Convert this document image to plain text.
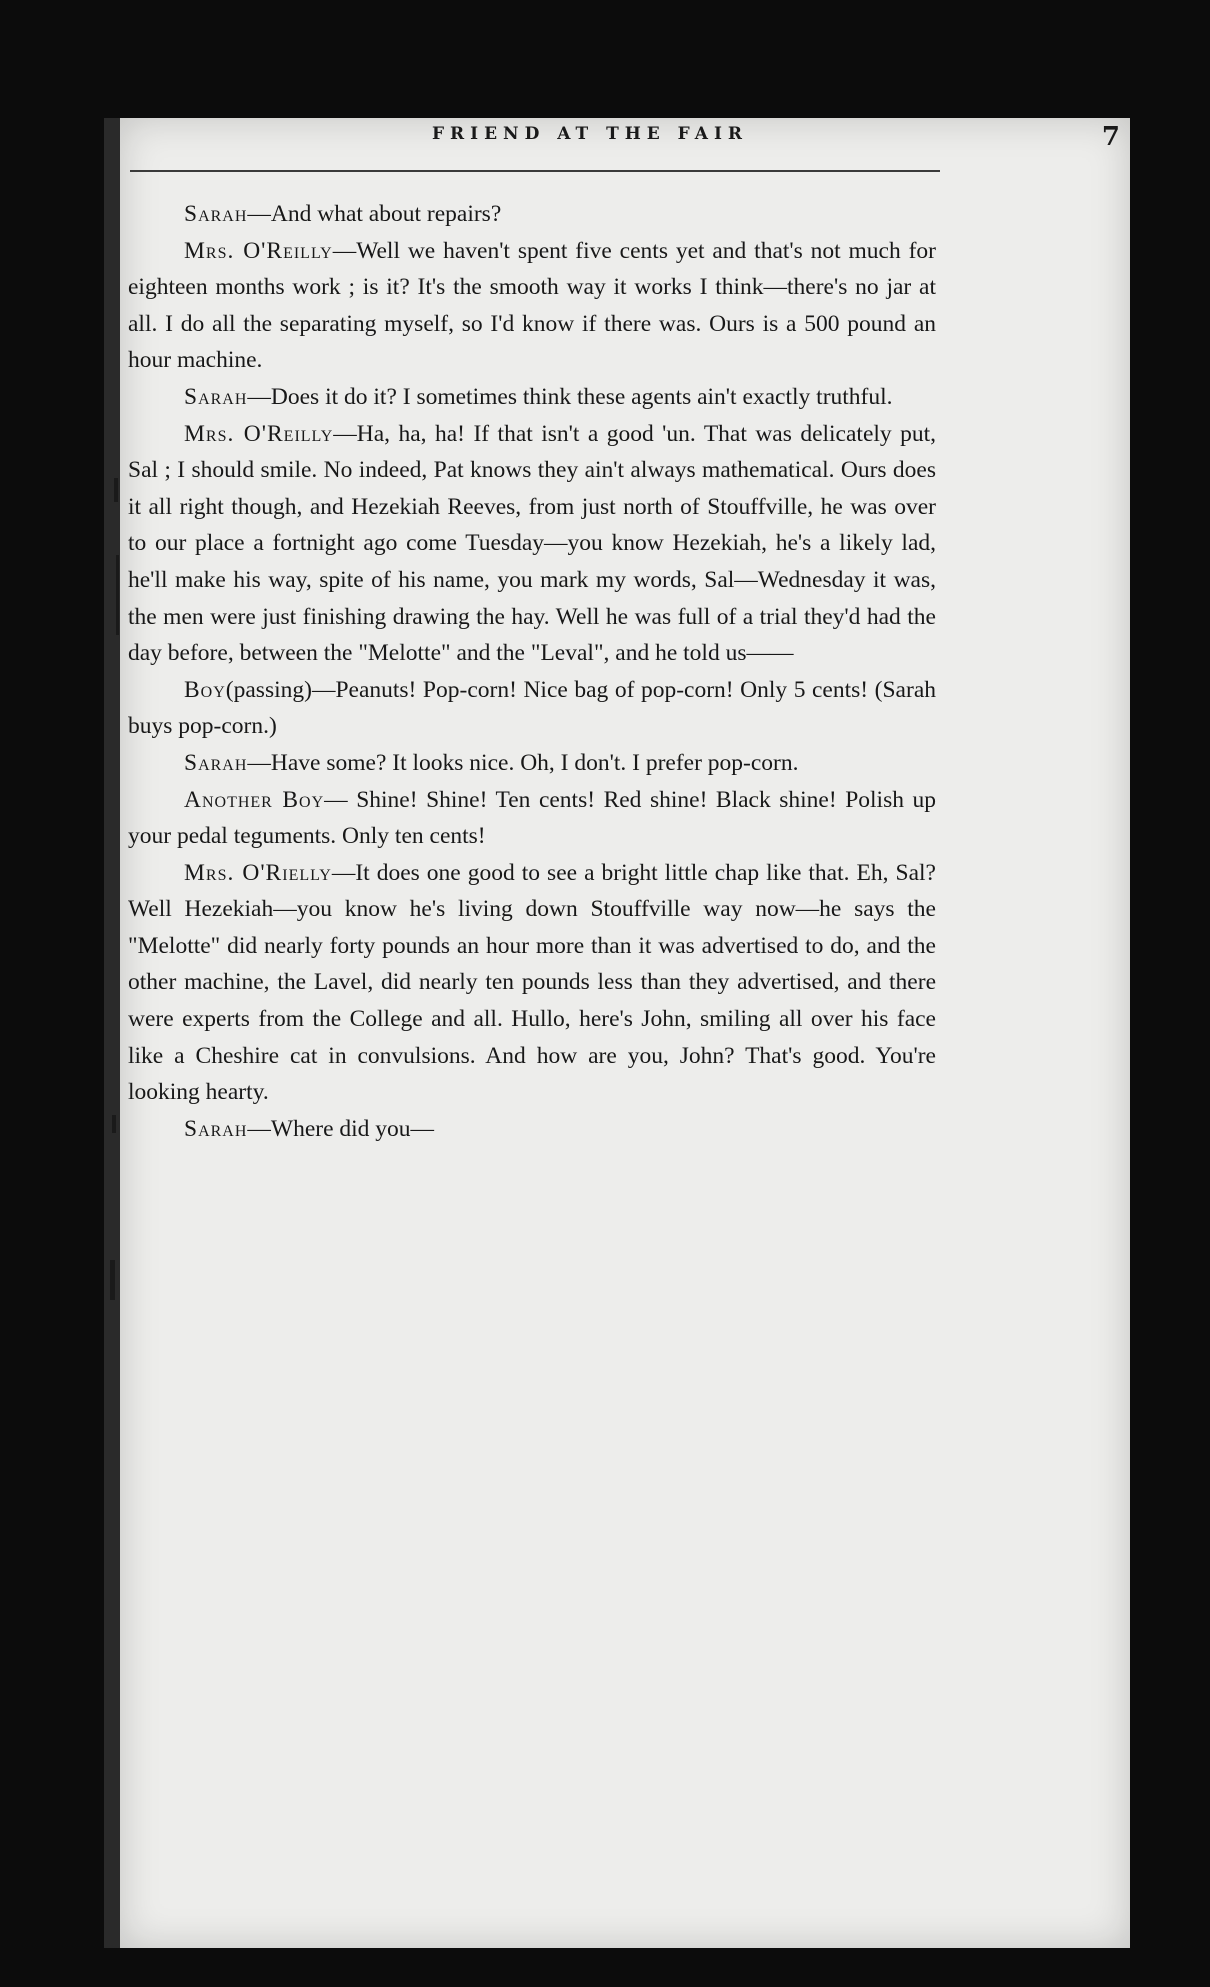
FRIEND AT THE FAIR	7

Sarah—And what about repairs?

Mrs. O'Reilly—Well we haven't spent five cents yet and that's not much for eighteen months work ; is it? It's the smooth way it works I think—there's no jar at all. I do all the separating myself, so I'd know if there was. Ours is a 500 pound an hour machine.

Sarah—Does it do it? I sometimes think these agents ain't exactly truthful.

Mrs. O'Reilly—Ha, ha, ha! If that isn't a good 'un. That was delicately put, Sal ; I should smile. No indeed, Pat knows they ain't always mathematical. Ours does it all right though, and Hezekiah Reeves, from just north of Stouffville, he was over to our place a fortnight ago come Tuesday—you know Hezekiah, he's a likely lad, he'll make his way, spite of his name, you mark my words, Sal—Wednesday it was, the men were just finishing drawing the hay. Well he was full of a trial they'd had the day before, between the "Melotte" and the "Leval", and he told us——

Boy(passing)—Peanuts! Pop-corn! Nice bag of pop-corn! Only 5 cents! (Sarah buys pop-corn.)

Sarah—Have some? It looks nice. Oh, I don't. I prefer pop-corn.

Another Boy— Shine! Shine! Ten cents! Red shine! Black shine! Polish up your pedal teguments. Only ten cents!

Mrs. O'Rielly—It does one good to see a bright little chap like that. Eh, Sal? Well Hezekiah—you know he's living down Stouffville way now—he says the "Melotte" did nearly forty pounds an hour more than it was advertised to do, and the other machine, the Lavel, did nearly ten pounds less than they advertised, and there were experts from the College and all. Hullo, here's John, smiling all over his face like a Cheshire cat in convulsions. And how are you, John? That's good. You're looking hearty.

Sarah—Where did you—
